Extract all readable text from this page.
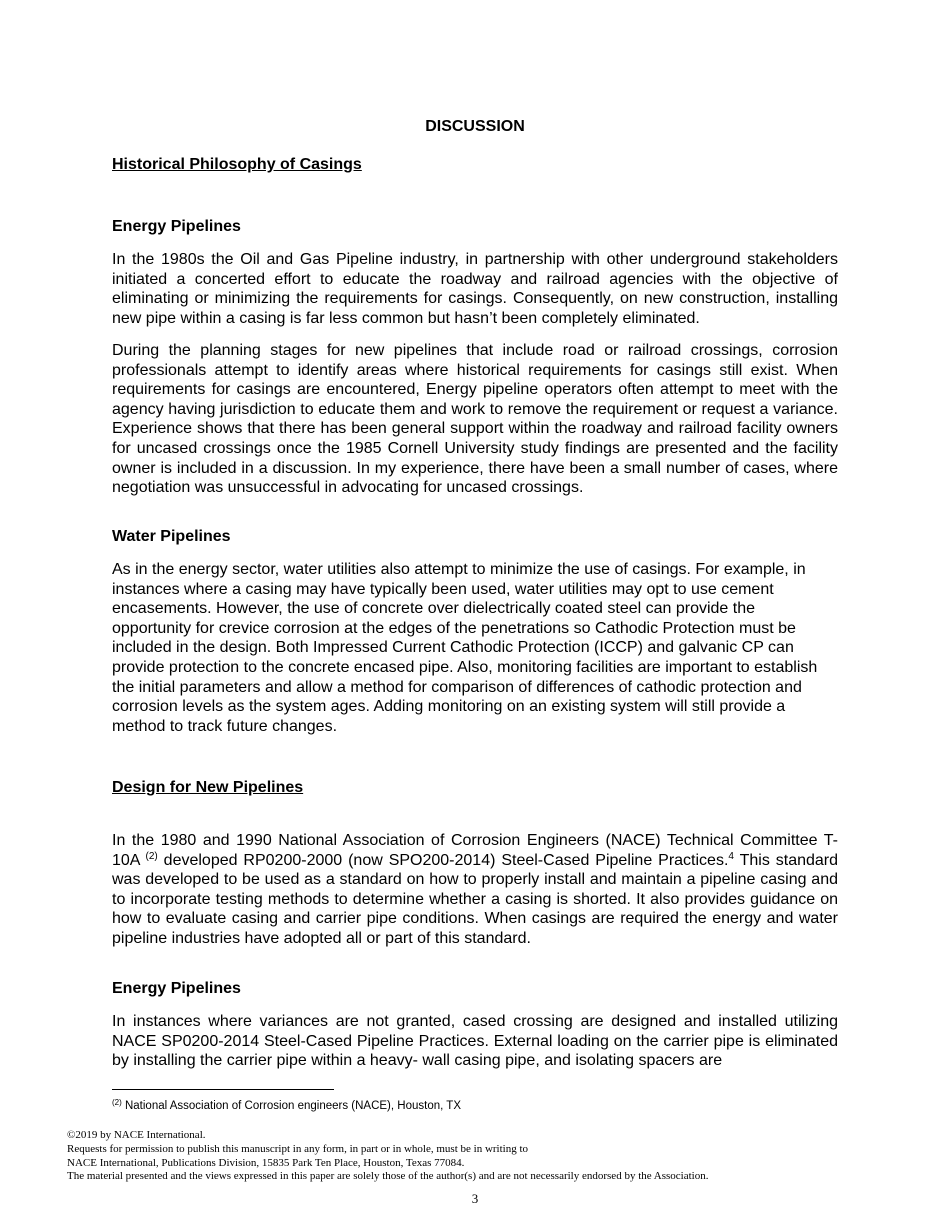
DISCUSSION
Historical Philosophy of Casings
Energy Pipelines

In the 1980s the Oil and Gas Pipeline industry, in partnership with other underground stakeholders initiated a concerted effort to educate the roadway and railroad agencies with the objective of eliminating or minimizing the requirements for casings. Consequently, on new construction, installing new pipe within a casing is far less common but hasn’t been completely eliminated.

During the planning stages for new pipelines that include road or railroad crossings, corrosion professionals attempt to identify areas where historical requirements for casings still exist. When requirements for casings are encountered, Energy pipeline operators often attempt to meet with the agency having jurisdiction to educate them and work to remove the requirement or request a variance. Experience shows that there has been general support within the roadway and railroad facility owners for uncased crossings once the 1985 Cornell University study findings are presented and the facility owner is included in a discussion. In my experience, there have been a small number of cases, where negotiation was unsuccessful in advocating for uncased crossings.

Water Pipelines

As in the energy sector, water utilities also attempt to minimize the use of casings. For example, in instances where a casing may have typically been used, water utilities may opt to use cement encasements. However, the use of concrete over dielectrically coated steel can provide the opportunity for crevice corrosion at the edges of the penetrations so Cathodic Protection must be included in the design. Both Impressed Current Cathodic Protection (ICCP) and galvanic CP can provide protection to the concrete encased pipe. Also, monitoring facilities are important to establish the initial parameters and allow a method for comparison of differences of cathodic protection and corrosion levels as the system ages. Adding monitoring on an existing system will still provide a method to track future changes.

Design for New Pipelines

In the 1980 and 1990 National Association of Corrosion Engineers (NACE) Technical Committee T-10A $^{(2)}$ developed RP0200-2000 (now SPO200-2014) Steel-Cased Pipeline Practices.$^4$ This standard was developed to be used as a standard on how to properly install and maintain a pipeline casing and to incorporate testing methods to determine whether a casing is shorted. It also provides guidance on how to evaluate casing and carrier pipe conditions. When casings are required the energy and water pipeline industries have adopted all or part of this standard.

Energy Pipelines

In instances where variances are not granted, cased crossing are designed and installed utilizing NACE SP0200-2014 Steel-Cased Pipeline Practices. External loading on the carrier pipe is eliminated by installing the carrier pipe within a heavy- wall casing pipe, and isolating spacers are

$^{(2)}$ National Association of Corrosion engineers (NACE), Houston, TX
©2019 by NACE International.
Requests for permission to publish this manuscript in any form, in part or in whole, must be in writing to
NACE International, Publications Division, 15835 Park Ten Place, Houston, Texas 77084.
The material presented and the views expressed in this paper are solely those of the author(s) and are not necessarily endorsed by the Association.
3
